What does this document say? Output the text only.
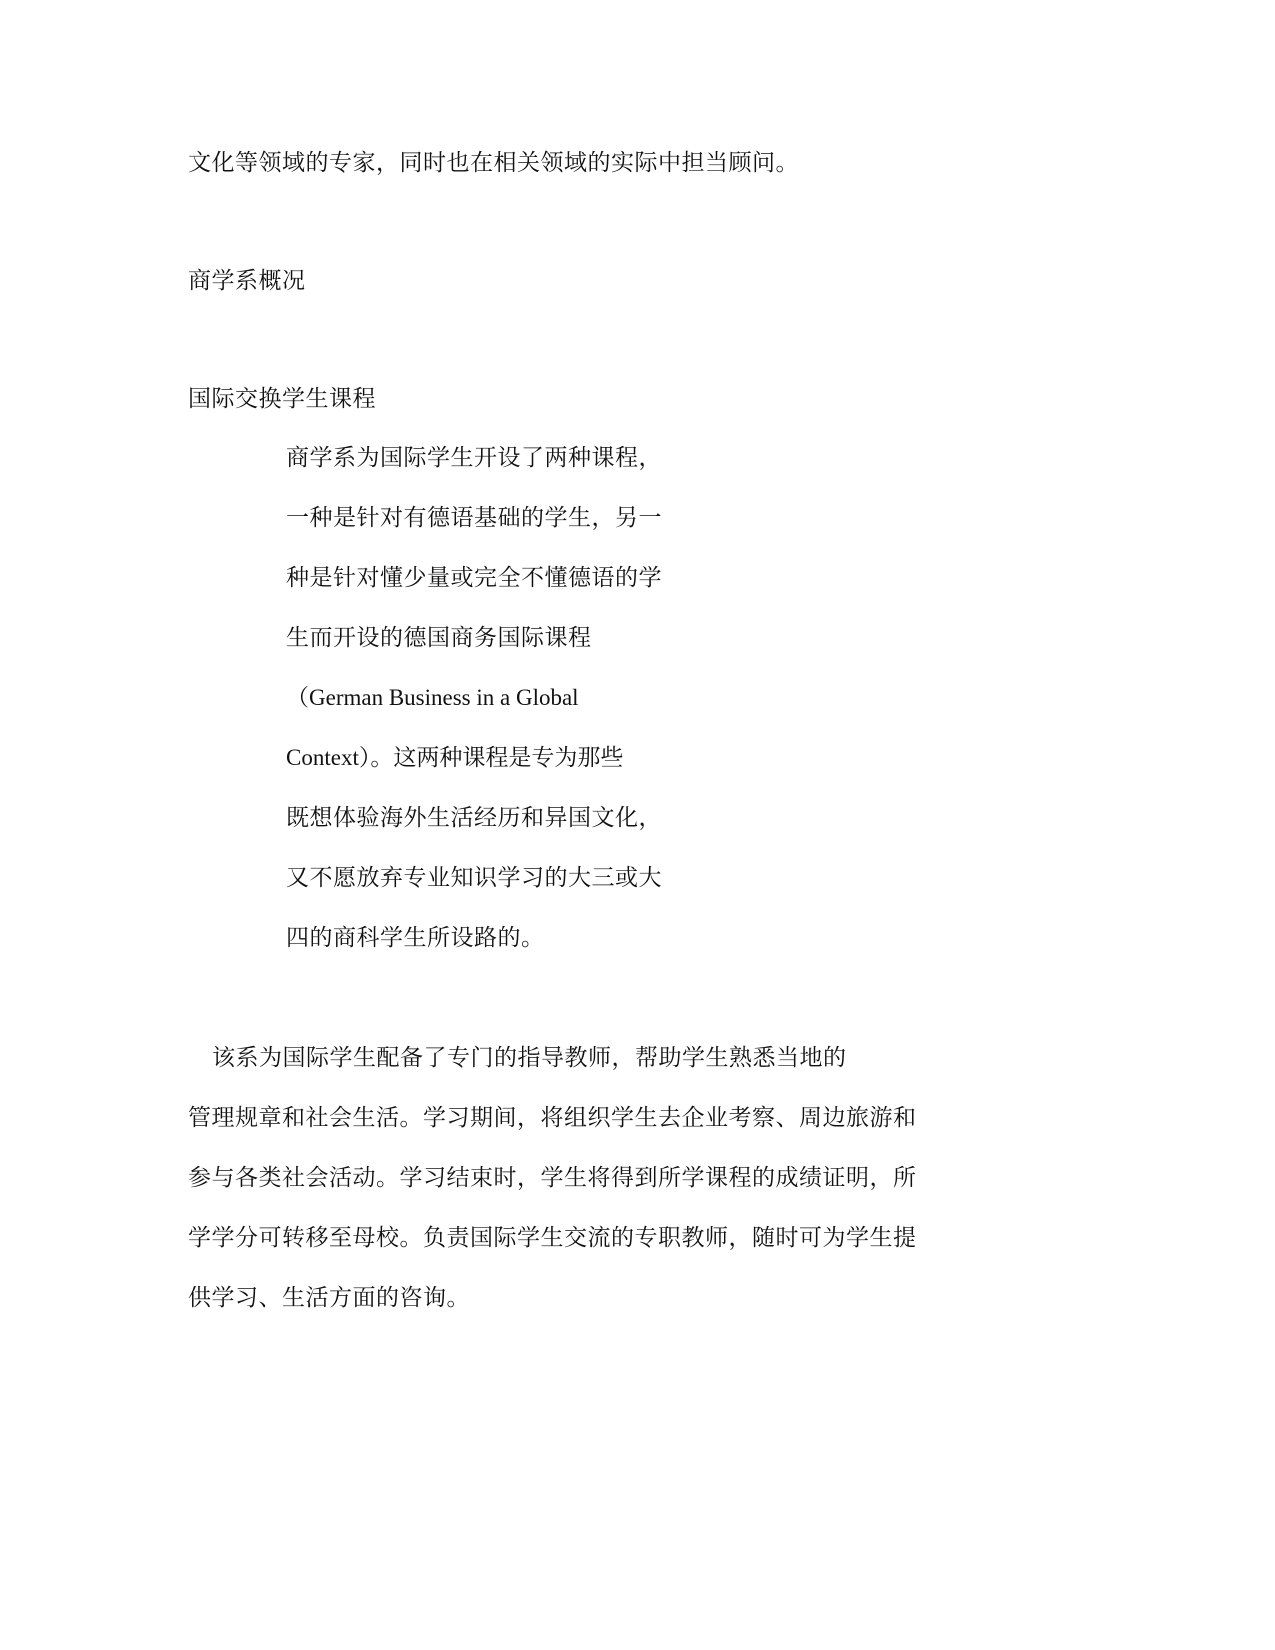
文化等领域的专家，同时也在相关领域的实际中担当顾问。
商学系概况
国际交换学生课程
商学系为国际学生开设了两种课程，
一种是针对有德语基础的学生，另一
种是针对懂少量或完全不懂德语的学
生而开设的德国商务国际课程
（German Business in a Global
Context）。这两种课程是专为那些
既想体验海外生活经历和异国文化，
又不愿放弃专业知识学习的大三或大
四的商科学生所设路的。
该系为国际学生配备了专门的指导教师，帮助学生熟悉当地的
管理规章和社会生活。学习期间，将组织学生去企业考察、周边旅游和
参与各类社会活动。学习结束时，学生将得到所学课程的成绩证明，所
学学分可转移至母校。负责国际学生交流的专职教师，随时可为学生提
供学习、生活方面的咨询。
